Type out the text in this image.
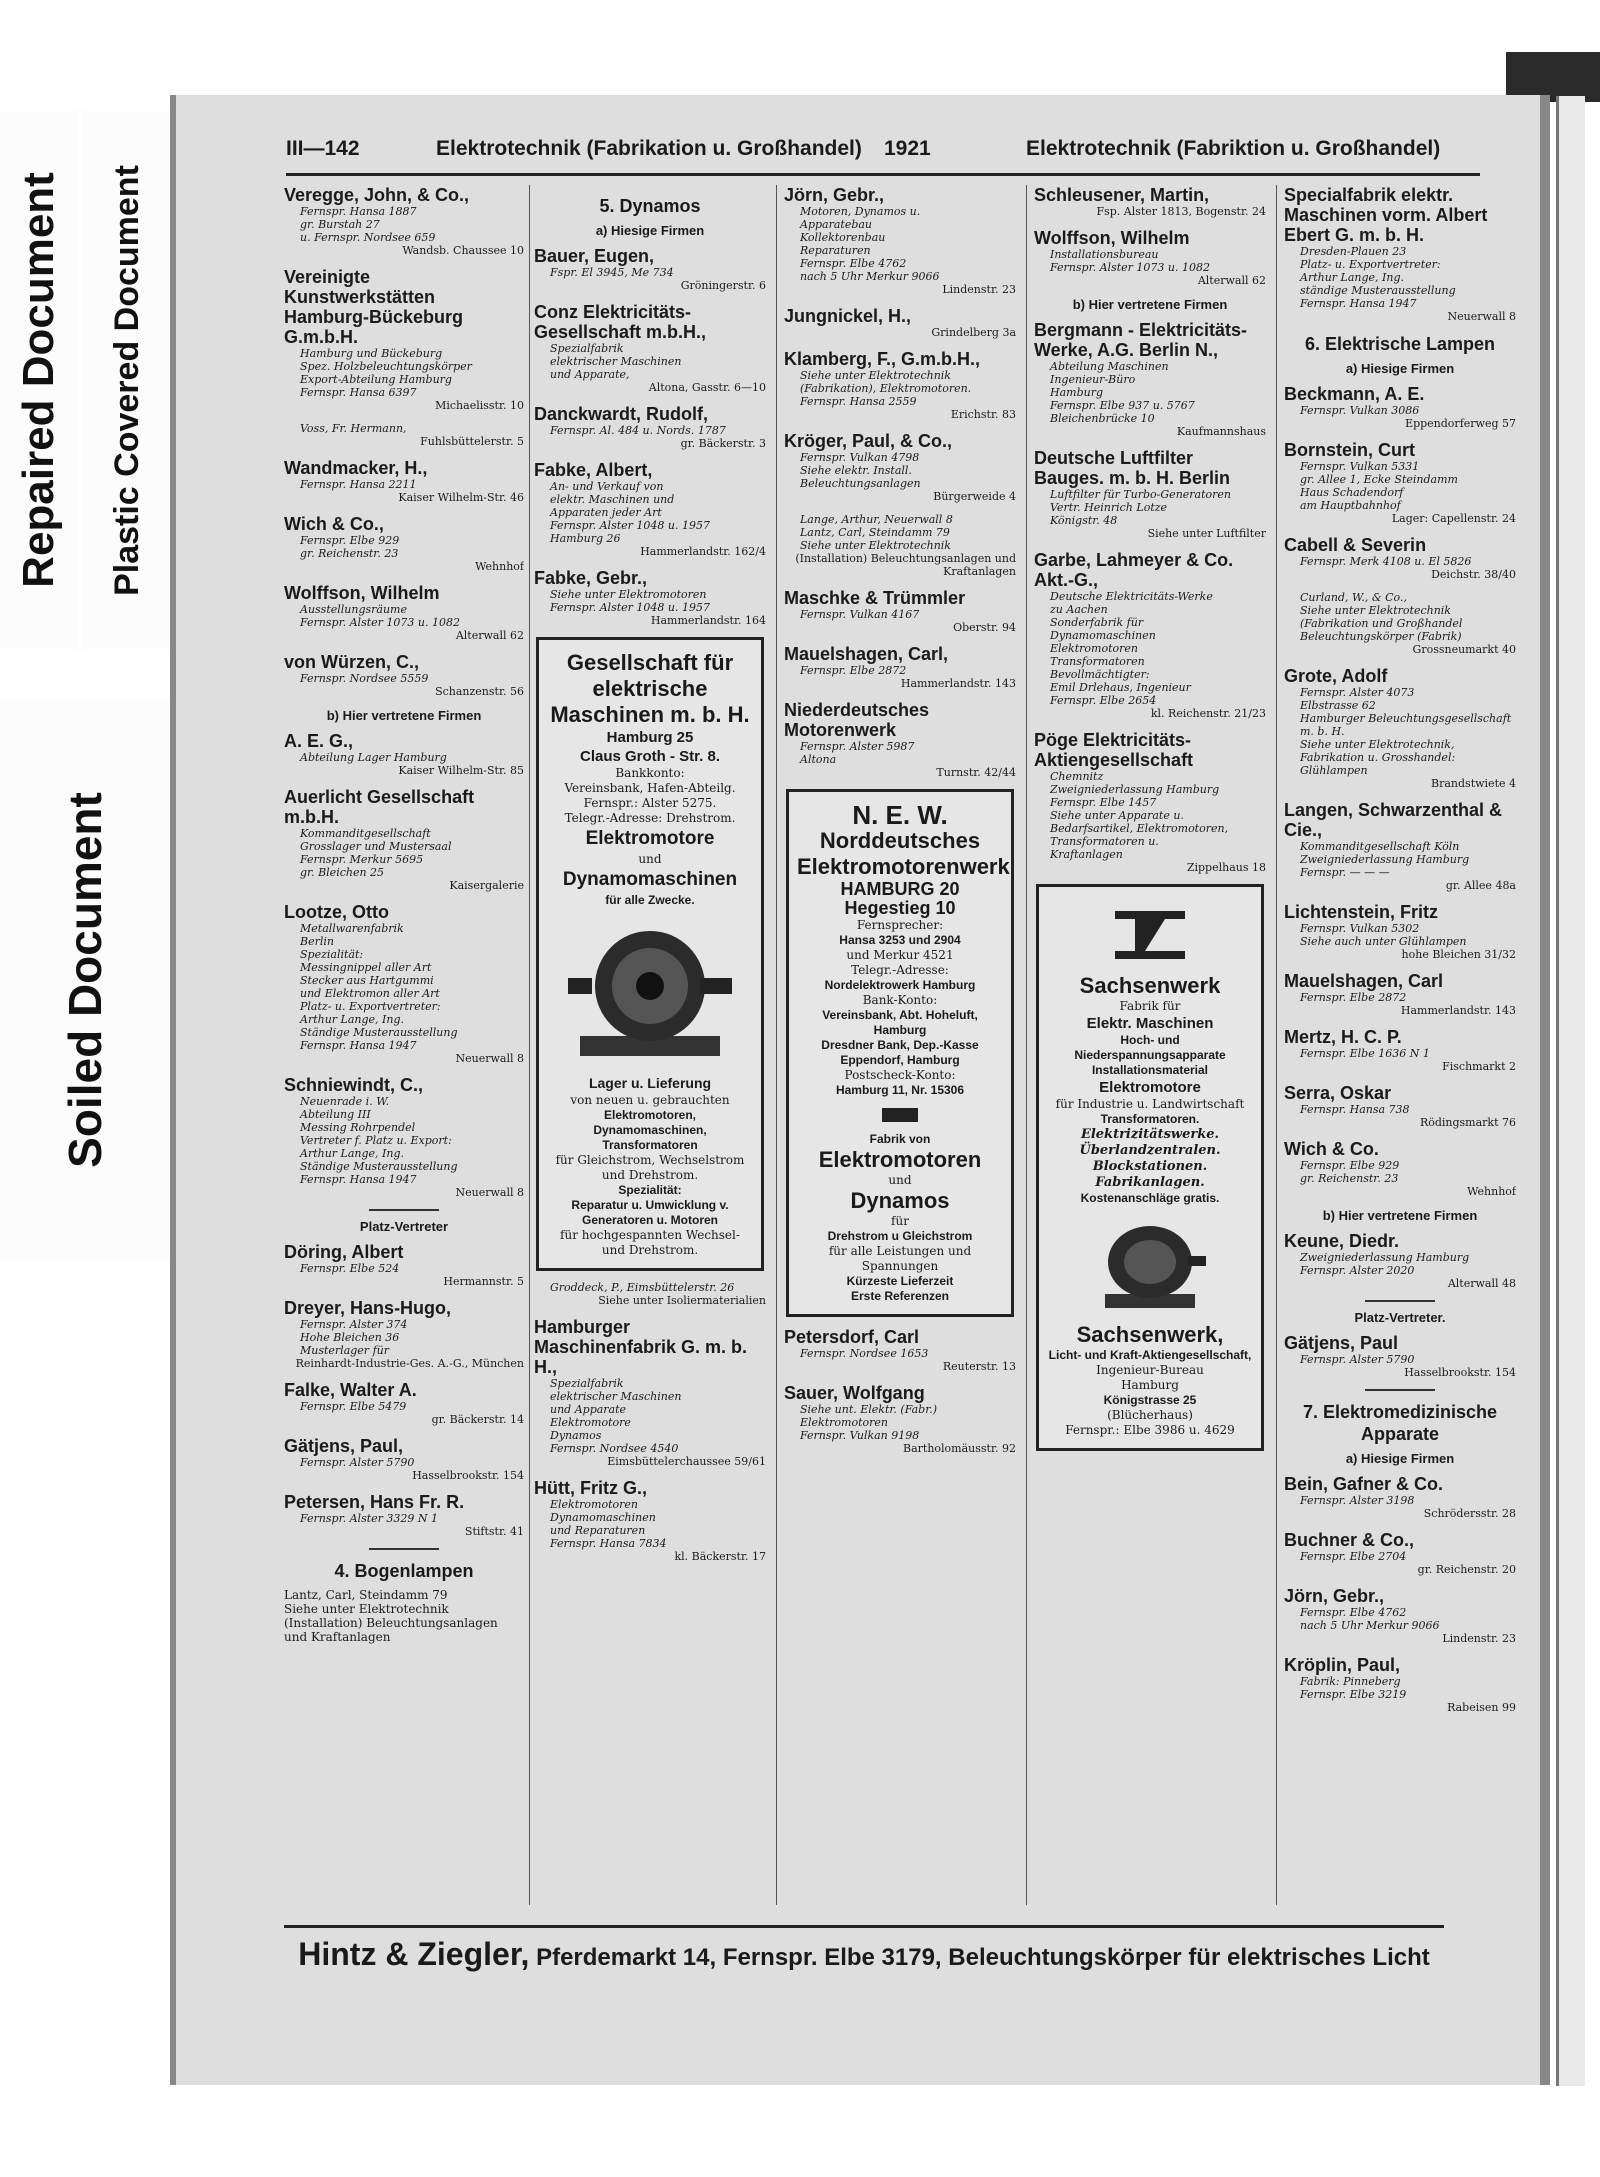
Repaired Document Plastic Covered Document
Soiled Document
III—142	Elektrotechnik (Fabrikation u. Großhandel) 1921	Elektrotechnik (Fabriktion u. Großhandel)
Veregge, John, & Co.,
Fernspr. Hansa 1887
gr. Burstah 27
u. Fernspr. Nordsee 659
Wandsb. Chaussee 10
Vereinigte Kunstwerkstätten Hamburg-Bückeburg G.m.b.H.
Hamburg und Bückeburg
Spez. Holzbeleuchtungskörper
Export-Abteilung Hamburg
Fernspr. Hansa 6397
Michaelisstr. 10
Voss, Fr. Hermann,
Fuhlsbüttelerstr. 5
Wandmacker, H.,
Fernspr. Hansa 2211
Kaiser Wilhelm-Str. 46
Wich & Co.,
Fernspr. Elbe 929
gr. Reichenstr. 23
Wehnhof
Wolffson, Wilhelm
Ausstellungsräume
Fernspr. Alster 1073 u. 1082
Alterwall 62
von Würzen, C.,
Fernspr. Nordsee 5559
Schanzenstr. 56
b) Hier vertretene Firmen
A. E. G.,
Abteilung Lager Hamburg
Kaiser Wilhelm-Str. 85
Auerlicht Gesellschaft m.b.H.
Kommanditgesellschaft
Grosslager und Mustersaal
Fernspr. Merkur 5695
gr. Bleichen 25
Kaisergalerie
Lootze, Otto
Metallwarenfabrik
Berlin
Spezialität:
Messingnippel aller Art
Stecker aus Hartgummi
und Elektromon aller Art
Platz- u. Exportvertreter:
Arthur Lange, Ing.
Ständige Musterausstellung
Fernspr. Hansa 1947
Neuerwall 8
Schniewindt, C.,
Neuenrade i. W.
Abteilung III
Messing Rohrpendel
Vertreter f. Platz u. Export:
Arthur Lange, Ing.
Ständige Musterausstellung
Fernspr. Hansa 1947
Neuerwall 8
Platz-Vertreter
Döring, Albert
Fernspr. Elbe 524
Hermannstr. 5
Dreyer, Hans-Hugo,
Fernspr. Alster 374
Hohe Bleichen 36
Musterlager für
Reinhardt-Industrie-Ges. A.-G., München
Falke, Walter A.
Fernspr. Elbe 5479
gr. Bäckerstr. 14
Gätjens, Paul,
Fernspr. Alster 5790
Hasselbrookstr. 154
Petersen, Hans Fr. R.
Fernspr. Alster 3329 N 1
Stiftstr. 41
4. Bogenlampen
Lantz, Carl, Steindamm 79
Siehe unter Elektrotechnik
(Installation) Beleuchtungsanlagen und Kraftanlagen
5. Dynamos
a) Hiesige Firmen
Bauer, Eugen,
Fspr. El 3945, Me 734
Gröningerstr. 6
Conz Elektricitäts-Gesellschaft m.b.H.,
Spezialfabrik
elektrischer Maschinen
und Apparate,
Altona, Gasstr. 6—10
Danckwardt, Rudolf,
Fernspr. Al. 484 u. Nords. 1787
gr. Bäckerstr. 3
Fabke, Albert,
An- und Verkauf von
elektr. Maschinen und
Apparaten jeder Art
Fernspr. Alster 1048 u. 1957
Hamburg 26
Hammerlandstr. 162/4
Fabke, Gebr.,
Siehe unter Elektromotoren
Fernspr. Alster 1048 u. 1957
Hammerlandstr. 164
Gesellschaft für elektrische Maschinen m. b. H.
Hamburg 25
Claus Groth - Str. 8.
Bankkonto:
Vereinsbank, Hafen-Abteilg.
Fernspr.: Alster 5275.
Telegr.-Adresse: Drehstrom.
Elektromotore
und
Dynamomaschinen
für alle Zwecke.
Lager u. Lieferung
von neuen u. gebrauchten
Elektromotoren, Dynamomaschinen, Transformatoren
für Gleichstrom, Wechselstrom und Drehstrom.
Spezialität:
Reparatur u. Umwicklung v. Generatoren u. Motoren
für hochgespannten Wechsel- und Drehstrom.
Groddeck, P., Eimsbüttelerstr. 26
Siehe unter Isoliermaterialien
Hamburger Maschinenfabrik G. m. b. H.,
Spezialfabrik
elektrischer Maschinen
und Apparate
Elektromotore
Dynamos
Fernspr. Nordsee 4540
Eimsbüttelerchaussee 59/61
Hütt, Fritz G.,
Elektromotoren
Dynamomaschinen
und Reparaturen
Fernspr. Hansa 7834
kl. Bäckerstr. 17
Jörn, Gebr.,
Motoren, Dynamos u.
Apparatebau
Kollektorenbau
Reparaturen
Fernspr. Elbe 4762
nach 5 Uhr Merkur 9066
Lindenstr. 23
Jungnickel, H.,
Grindelberg 3a
Klamberg, F., G.m.b.H.,
Siehe unter Elektrotechnik
(Fabrikation), Elektromotoren.
Fernspr. Hansa 2559
Erichstr. 83
Kröger, Paul, & Co.,
Fernspr. Vulkan 4798
Siehe elektr. Install.
Beleuchtungsanlagen
Bürgerweide 4
Lange, Arthur, Neuerwall 8
Lantz, Carl, Steindamm 79
Siehe unter Elektrotechnik
(Installation) Beleuchtungsanlagen und Kraftanlagen
Maschke & Trümmler
Fernspr. Vulkan 4167
Oberstr. 94
Mauelshagen, Carl,
Fernspr. Elbe 2872
Hammerlandstr. 143
Niederdeutsches Motorenwerk
Fernspr. Alster 5987
Altona
Turnstr. 42/44
N. E. W.
Norddeutsches Elektromotorenwerk
HAMBURG 20
Hegestieg 10
Fernsprecher:
Hansa 3253 und 2904
und Merkur 4521
Telegr.-Adresse:
Nordelektrowerk Hamburg
Bank-Konto:
Vereinsbank, Abt. Hoheluft, Hamburg
Dresdner Bank, Dep.-Kasse Eppendorf, Hamburg
Postscheck-Konto:
Hamburg 11, Nr. 15306
Fabrik von
Elektromotoren
und
Dynamos
für
Drehstrom u Gleichstrom
für alle Leistungen und Spannungen
Kürzeste Lieferzeit
Erste Referenzen
Petersdorf, Carl
Fernspr. Nordsee 1653
Reuterstr. 13
Sauer, Wolfgang
Siehe unt. Elektr. (Fabr.)
Elektromotoren
Fernspr. Vulkan 9198
Bartholomäusstr. 92
Schleusener, Martin,
Fsp. Alster 1813, Bogenstr. 24
Wolffson, Wilhelm
Installationsbureau
Fernspr. Alster 1073 u. 1082
Alterwall 62
b) Hier vertretene Firmen
Bergmann - Elektricitäts-Werke, A.G. Berlin N.,
Abteilung Maschinen
Ingenieur-Büro
Hamburg
Fernspr. Elbe 937 u. 5767
Bleichenbrücke 10
Kaufmannshaus
Deutsche Luftfilter Bauges. m. b. H. Berlin
Luftfilter für Turbo-Generatoren
Vertr. Heinrich Lotze
Königstr. 48
Siehe unter Luftfilter
Garbe, Lahmeyer & Co. Akt.-G.,
Deutsche Elektricitäts-Werke
zu Aachen
Sonderfabrik für
Dynamomaschinen
Elektromotoren
Transformatoren
Bevollmächtigter:
Emil Drlehaus, Ingenieur
Fernspr. Elbe 2654
kl. Reichenstr. 21/23
Pöge Elektricitäts-Aktiengesellschaft
Chemnitz
Zweigniederlassung Hamburg
Fernspr. Elbe 1457
Siehe unter Apparate u.
Bedarfsartikel, Elektromotoren,
Transformatoren u.
Kraftanlagen
Zippelhaus 18
Sachsenwerk
Fabrik für
Elektr. Maschinen
Hoch- und
Niederspannungsapparate
Installationsmaterial
Elektromotore
für Industrie u. Landwirtschaft
Transformatoren.
Elektrizitätswerke.
Überlandzentralen.
Blockstationen.
Fabrikanlagen.
Kostenanschläge gratis.
Sachsenwerk,
Licht- und Kraft-Aktiengesellschaft,
Ingenieur-Bureau
Hamburg
Königstrasse 25
(Blücherhaus)
Fernspr.: Elbe 3986 u. 4629
Specialfabrik elektr. Maschinen vorm. Albert Ebert G. m. b. H.
Dresden-Plauen 23
Platz- u. Exportvertreter:
Arthur Lange, Ing.
ständige Musterausstellung
Fernspr. Hansa 1947
Neuerwall 8
6. Elektrische Lampen
a) Hiesige Firmen
Beckmann, A. E.
Fernspr. Vulkan 3086
Eppendorferweg 57
Bornstein, Curt
Fernspr. Vulkan 5331
gr. Allee 1, Ecke Steindamm
Haus Schadendorf
am Hauptbahnhof
Lager: Capellenstr. 24
Cabell & Severin
Fernspr. Merk 4108 u. El 5826
Deichstr. 38/40
Curland, W., & Co.,
Siehe unter Elektrotechnik (Fabrikation und Großhandel
Beleuchtungskörper (Fabrik)
Grossneumarkt 40
Grote, Adolf
Fernspr. Alster 4073
Elbstrasse 62
Hamburger Beleuchtungsgesellschaft m. b. H.
Siehe unter Elektrotechnik, Fabrikation u. Grosshandel:
Glühlampen
Brandstwiete 4
Langen, Schwarzenthal & Cie.,
Kommanditgesellschaft Köln
Zweigniederlassung Hamburg
Fernspr. — — —
gr. Allee 48a
Lichtenstein, Fritz
Fernspr. Vulkan 5302
Siehe auch unter Glühlampen
hohe Bleichen 31/32
Mauelshagen, Carl
Fernspr. Elbe 2872
Hammerlandstr. 143
Mertz, H. C. P.
Fernspr. Elbe 1636 N 1
Fischmarkt 2
Serra, Oskar
Fernspr. Hansa 738
Rödingsmarkt 76
Wich & Co.
Fernspr. Elbe 929
gr. Reichenstr. 23
Wehnhof
b) Hier vertretene Firmen
Keune, Diedr.
Zweigniederlassung Hamburg
Fernspr. Alster 2020
Alterwall 48
Platz-Vertreter.
Gätjens, Paul
Fernspr. Alster 5790
Hasselbrookstr. 154
7. Elektromedizinische Apparate
a) Hiesige Firmen
Bein, Gafner & Co.
Fernspr. Alster 3198
Schrödersstr. 28
Buchner & Co.,
Fernspr. Elbe 2704
gr. Reichenstr. 20
Jörn, Gebr.,
Fernspr. Elbe 4762
nach 5 Uhr Merkur 9066
Lindenstr. 23
Kröplin, Paul,
Fabrik: Pinneberg
Fernspr. Elbe 3219
Rabeisen 99
Hintz & Ziegler, Pferdemarkt 14, Fernspr. Elbe 3179, Beleuchtungskörper für elektrisches Licht
